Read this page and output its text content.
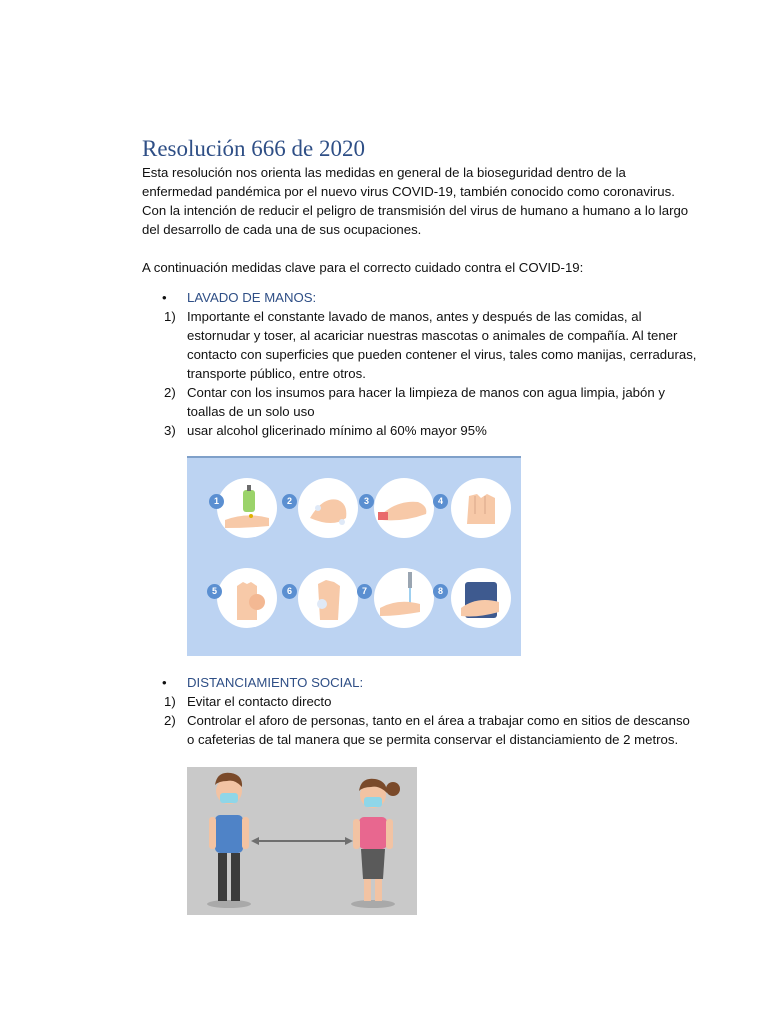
Resolución 666 de 2020

Esta resolución nos orienta las medidas en general de la bioseguridad dentro de la enfermedad pandémica por el nuevo virus COVID-19, también conocido como coronavirus. Con la intención de reducir el peligro de transmisión del virus de humano a humano a lo largo del desarrollo de cada una de sus ocupaciones.

A continuación medidas clave para el correcto cuidado contra el COVID-19:

• LAVADO DE MANOS:
1) Importante el constante lavado de manos, antes y después de las comidas, al estornudar y toser, al acariciar nuestras mascotas o animales de compañía. Al tener contacto con superficies que pueden contener el virus, tales como manijas, cerraduras, transporte público, entre otros.
2) Contar con los insumos para hacer la limpieza de manos con agua limpia, jabón y toallas de un solo uso
3) usar alcohol glicerinado mínimo al 60% mayor 95%
• DISTANCIAMIENTO SOCIAL:
1) Evitar el contacto directo
2) Controlar el aforo de personas, tanto en el área a trabajar como en sitios de descanso o cafeterias de tal manera que se permita conservar el distanciamiento de 2 metros.
1	2	3	4
5	6	7	8
